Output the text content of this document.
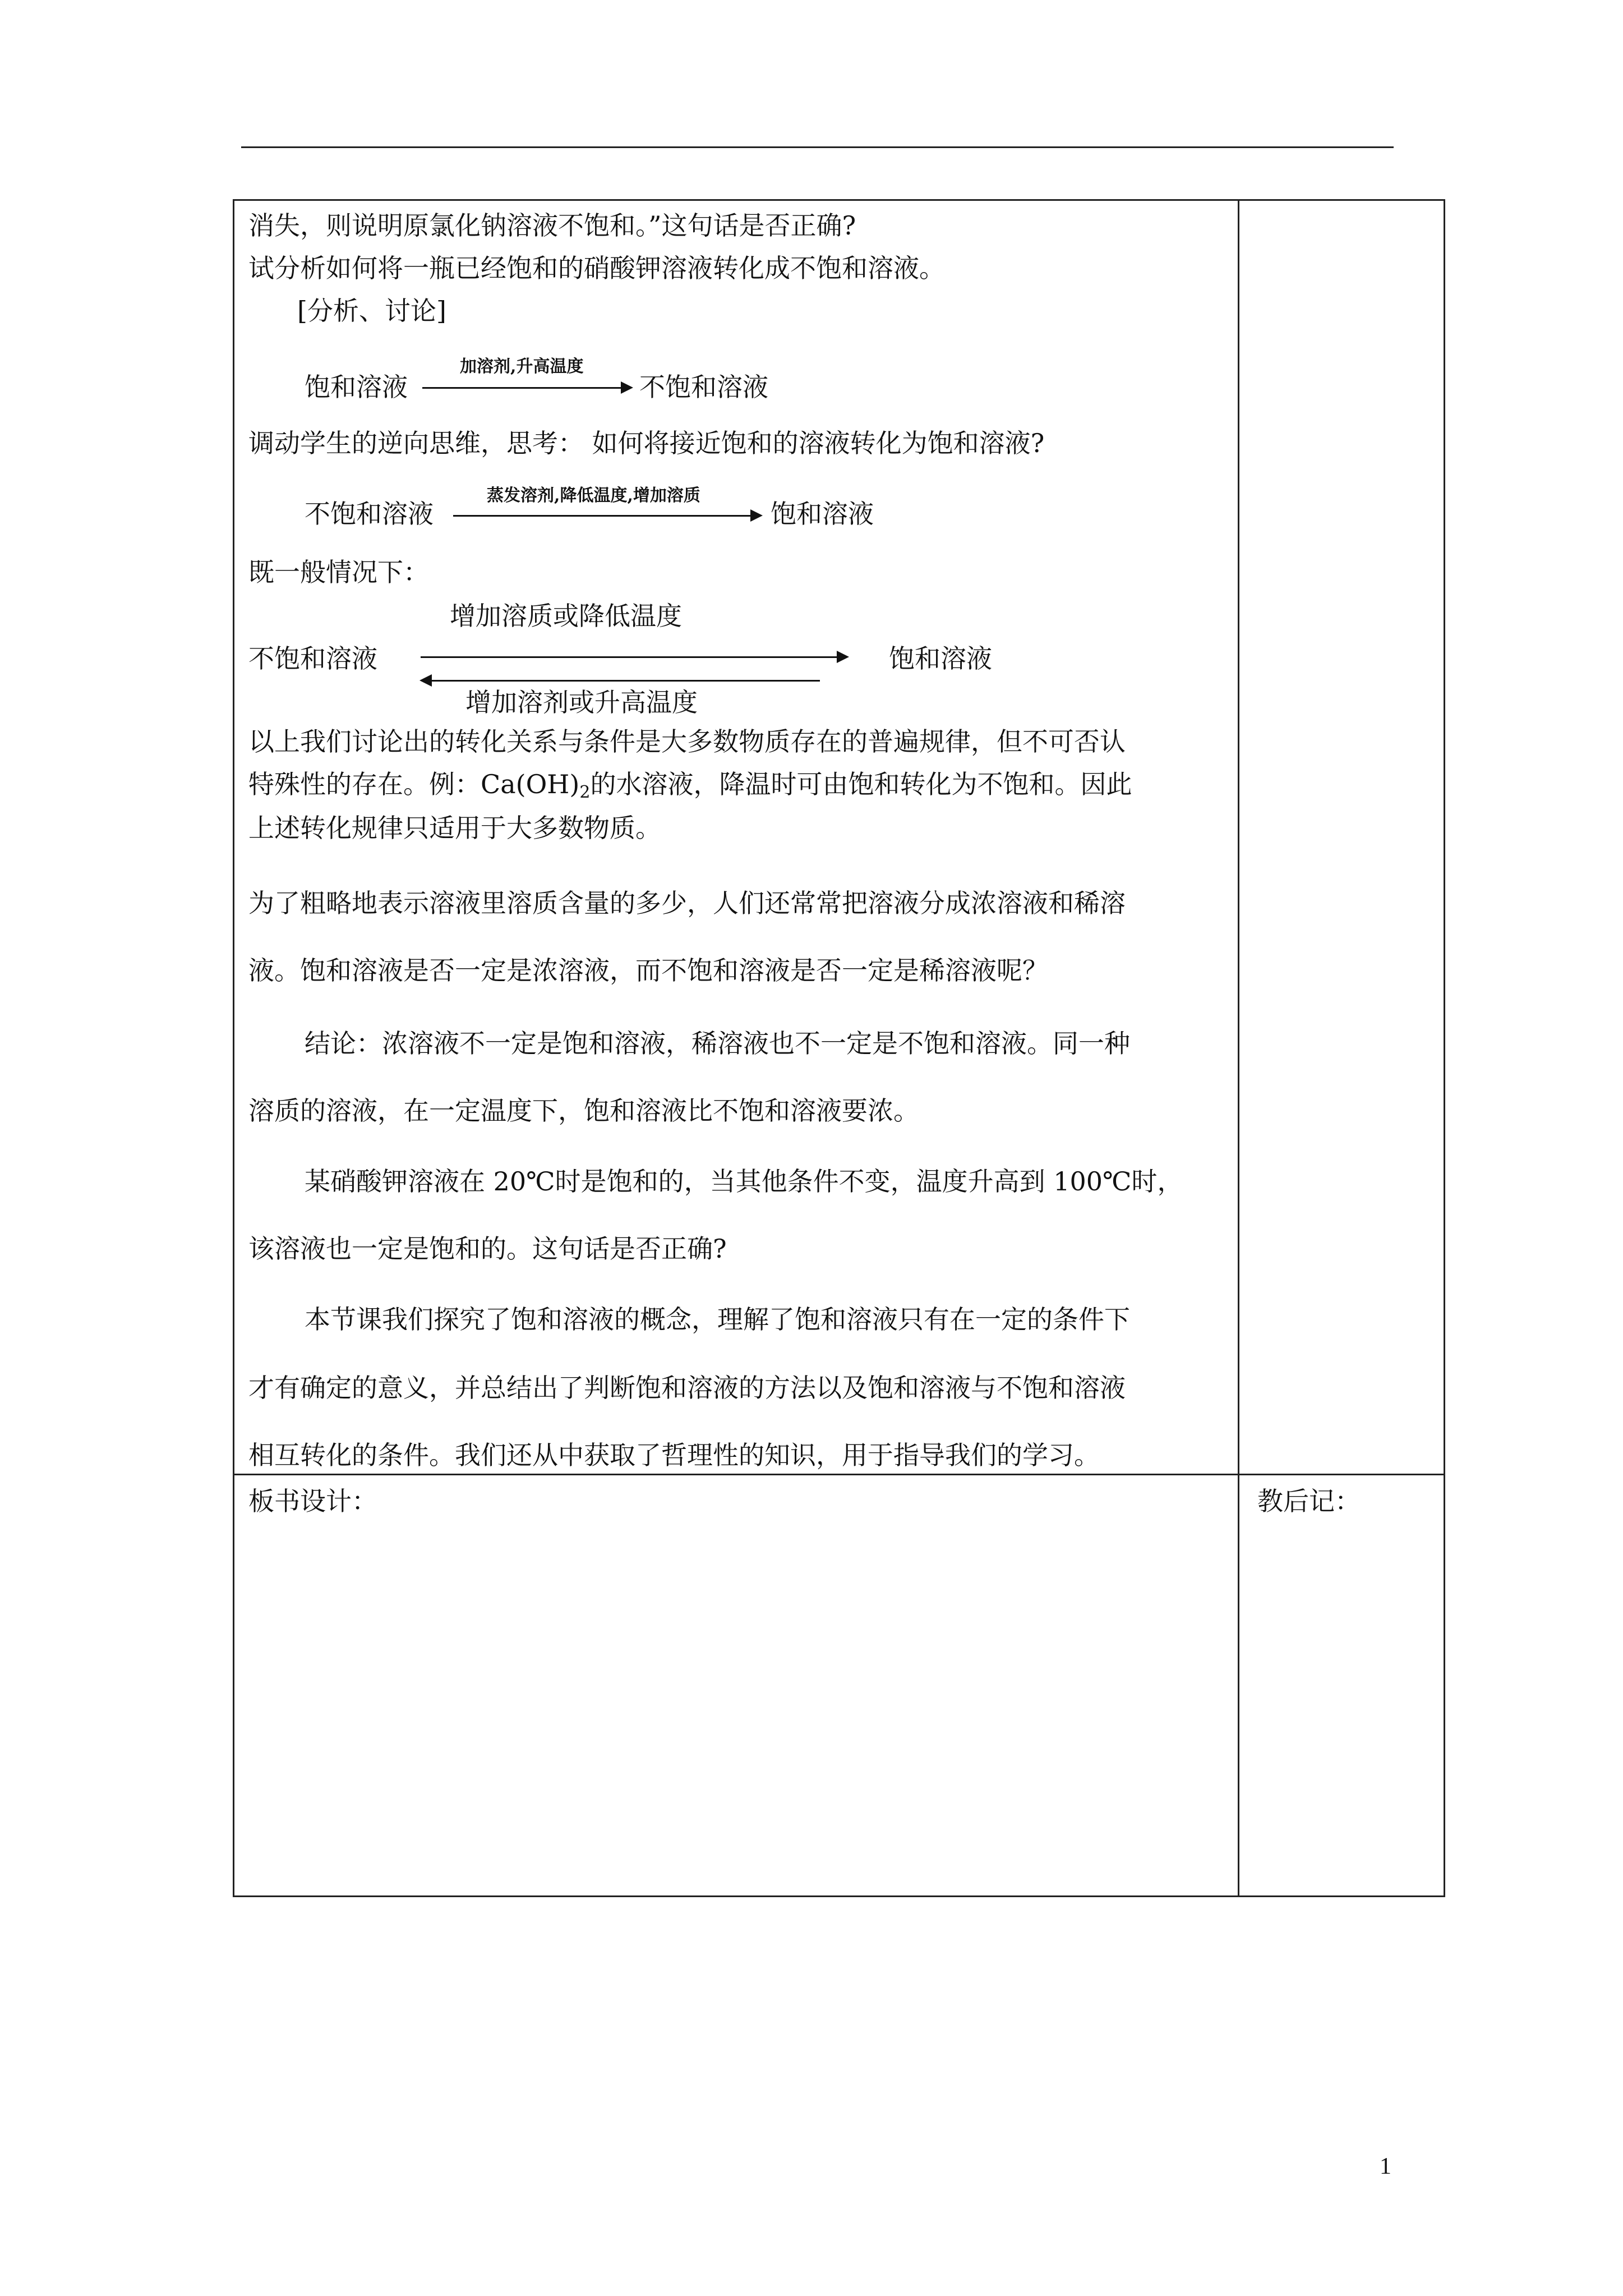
消失，则说明原氯化钠溶液不饱和。”这句话是否正确?
试分析如何将一瓶已经饱和的硝酸钾溶液转化成不饱和溶液。
[分析、讨论]
饱和溶液
加溶剂,升高温度
不饱和溶液
调动学生的逆向思维，思考： 如何将接近饱和的溶液转化为饱和溶液?
不饱和溶液
蒸发溶剂,降低温度,增加溶质
饱和溶液
既一般情况下：
增加溶质或降低温度
不饱和溶液	饱和溶液
增加溶剂或升高温度
以上我们讨论出的转化关系与条件是大多数物质存在的普遍规律，但不可否认
特殊性的存在。例：$Ca(OH)_2$的水溶液，降温时可由饱和转化为不饱和。因此
上述转化规律只适用于大多数物质。
为了粗略地表示溶液里溶质含量的多少，人们还常常把溶液分成浓溶液和稀溶
液。饱和溶液是否一定是浓溶液，而不饱和溶液是否一定是稀溶液呢？
结论：浓溶液不一定是饱和溶液，稀溶液也不一定是不饱和溶液。同一种
溶质的溶液，在一定温度下，饱和溶液比不饱和溶液要浓。
某硝酸钾溶液在 20℃时是饱和的，当其他条件不变，温度升高到 100℃时，
该溶液也一定是饱和的。这句话是否正确?
本节课我们探究了饱和溶液的概念，理解了饱和溶液只有在一定的条件下
才有确定的意义，并总结出了判断饱和溶液的方法以及饱和溶液与不饱和溶液
相互转化的条件。我们还从中获取了哲理性的知识，用于指导我们的学习。
板书设计：	教后记：
1
